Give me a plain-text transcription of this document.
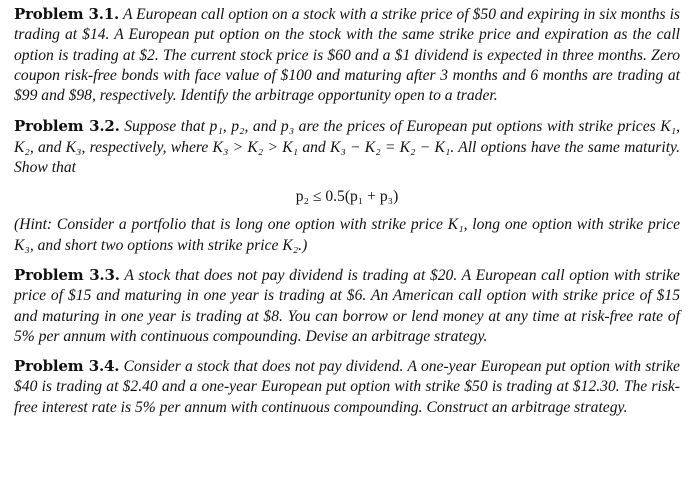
Problem 3.1. A European call option on a stock with a strike price of $50 and expiring in six months is trading at $14. A European put option on the stock with the same strike price and expiration as the call option is trading at $2. The current stock price is $60 and a $1 dividend is expected in three months. Zero coupon risk-free bonds with face value of $100 and maturing after 3 months and 6 months are trading at $99 and $98, respectively. Identify the arbitrage opportunity open to a trader.

Problem 3.2. Suppose that p₁, p₂, and p₃ are the prices of European put options with strike prices K₁, K₂, and K₃, respectively, where K₃ > K₂ > K₁ and K₃ − K₂ = K₂ − K₁. All options have the same maturity. Show that

p₂ ≤ 0.5(p₁ + p₃)

(Hint: Consider a portfolio that is long one option with strike price K₁, long one option with strike price K₃, and short two options with strike price K₂.)

Problem 3.3. A stock that does not pay dividend is trading at $20. A European call option with strike price of $15 and maturing in one year is trading at $6. An American call option with strike price of $15 and maturing in one year is trading at $8. You can borrow or lend money at any time at risk-free rate of 5% per annum with continuous compounding. Devise an arbitrage strategy.

Problem 3.4. Consider a stock that does not pay dividend. A one-year European put option with strike $40 is trading at $2.40 and a one-year European put option with strike $50 is trading at $12.30. The risk-free interest rate is 5% per annum with continuous compounding. Construct an arbitrage strategy.
